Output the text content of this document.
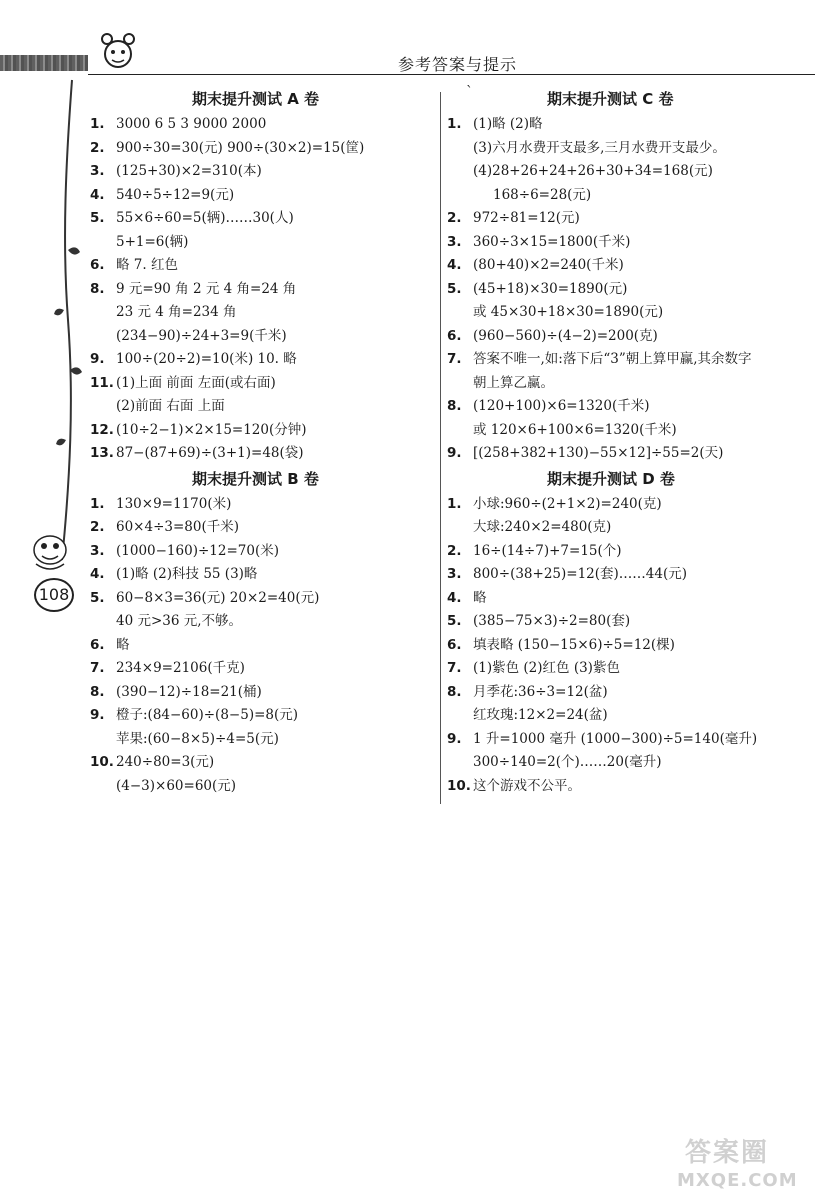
参考答案与提示
108
ˋ
期末提升测试 A 卷
1. 3000 6 5 3 9000 2000
2. 900÷30=30(元) 900÷(30×2)=15(筐)
3. (125+30)×2=310(本)
4. 540÷5÷12=9(元)
5. 55×6÷60=5(辆)……30(人)
5+1=6(辆)
6. 略 7. 红色
8. 9 元=90 角 2 元 4 角=24 角
23 元 4 角=234 角
(234−90)÷24+3=9(千米)
9. 100÷(20÷2)=10(米) 10. 略
11. (1)上面 前面 左面(或右面)
(2)前面 右面 上面
12. (10÷2−1)×2×15=120(分钟)
13. 87−(87+69)÷(3+1)=48(袋)
期末提升测试 B 卷
1. 130×9=1170(米)
2. 60×4÷3=80(千米)
3. (1000−160)÷12=70(米)
4. (1)略 (2)科技 55 (3)略
5. 60−8×3=36(元) 20×2=40(元)
40 元>36 元,不够。
6. 略
7. 234×9=2106(千克)
8. (390−12)÷18=21(桶)
9. 橙子:(84−60)÷(8−5)=8(元)
苹果:(60−8×5)÷4=5(元)
10. 240÷80=3(元)
(4−3)×60=60(元)
期末提升测试 C 卷
1. (1)略 (2)略
(3)六月水费开支最多,三月水费开支最少。
(4)28+26+24+26+30+34=168(元)
168÷6=28(元)
2. 972÷81=12(元)
3. 360÷3×15=1800(千米)
4. (80+40)×2=240(千米)
5. (45+18)×30=1890(元)
或 45×30+18×30=1890(元)
6. (960−560)÷(4−2)=200(克)
7. 答案不唯一,如:落下后“3”朝上算甲赢,其余数字
朝上算乙赢。
8. (120+100)×6=1320(千米)
或 120×6+100×6=1320(千米)
9. [(258+382+130)−55×12]÷55=2(天)
期末提升测试 D 卷
1. 小球:960÷(2+1×2)=240(克)
大球:240×2=480(克)
2. 16÷(14÷7)+7=15(个)
3. 800÷(38+25)=12(套)……44(元)
4. 略
5. (385−75×3)÷2=80(套)
6. 填表略 (150−15×6)÷5=12(棵)
7. (1)紫色 (2)红色 (3)紫色
8. 月季花:36÷3=12(盆)
红玫瑰:12×2=24(盆)
9. 1 升=1000 毫升 (1000−300)÷5=140(毫升)
300÷140=2(个)……20(毫升)
10. 这个游戏不公平。
答案圈
MXQE.COM
